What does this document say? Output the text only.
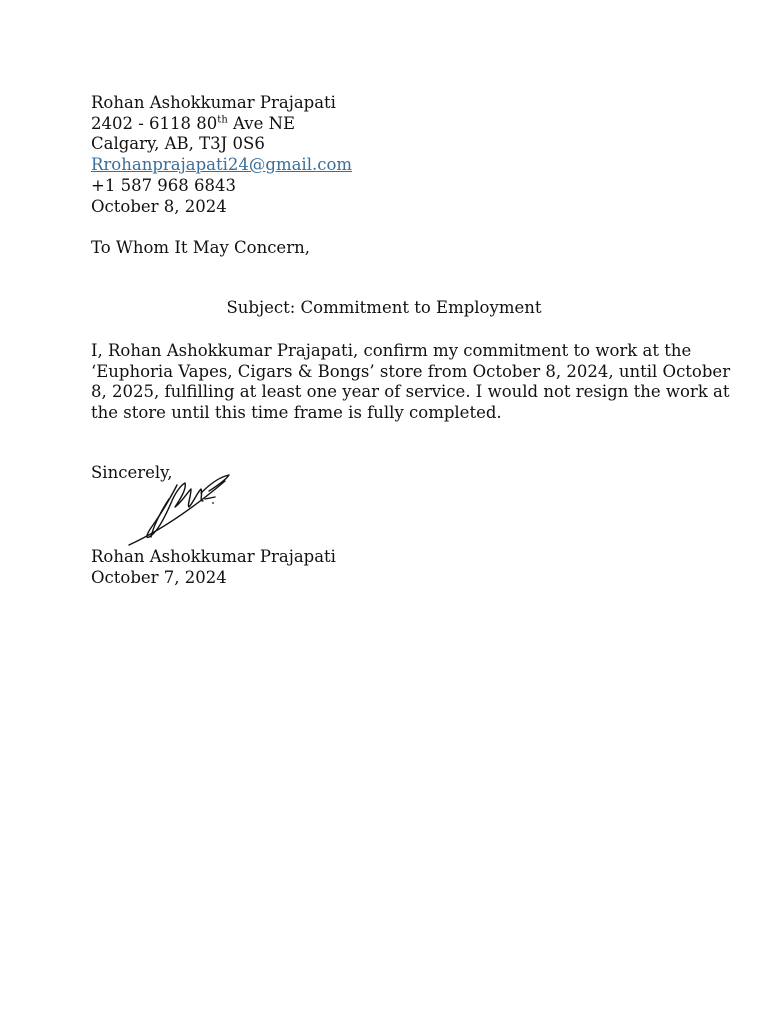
Rohan Ashokkumar Prajapati
2402 - 6118 80th Ave NE
Calgary, AB, T3J 0S6
Rrohanprajapati24@gmail.com
+1 587 968 6843
October 8, 2024
To Whom It May Concern,
Subject: Commitment to Employment
I, Rohan Ashokkumar Prajapati, confirm my commitment to work at the
‘Euphoria Vapes, Cigars & Bongs’ store from October 8, 2024, until October
8, 2025, fulfilling at least one year of service. I would not resign the work at
the store until this time frame is fully completed.
Sincerely,
Rohan Ashokkumar Prajapati
October 7, 2024
